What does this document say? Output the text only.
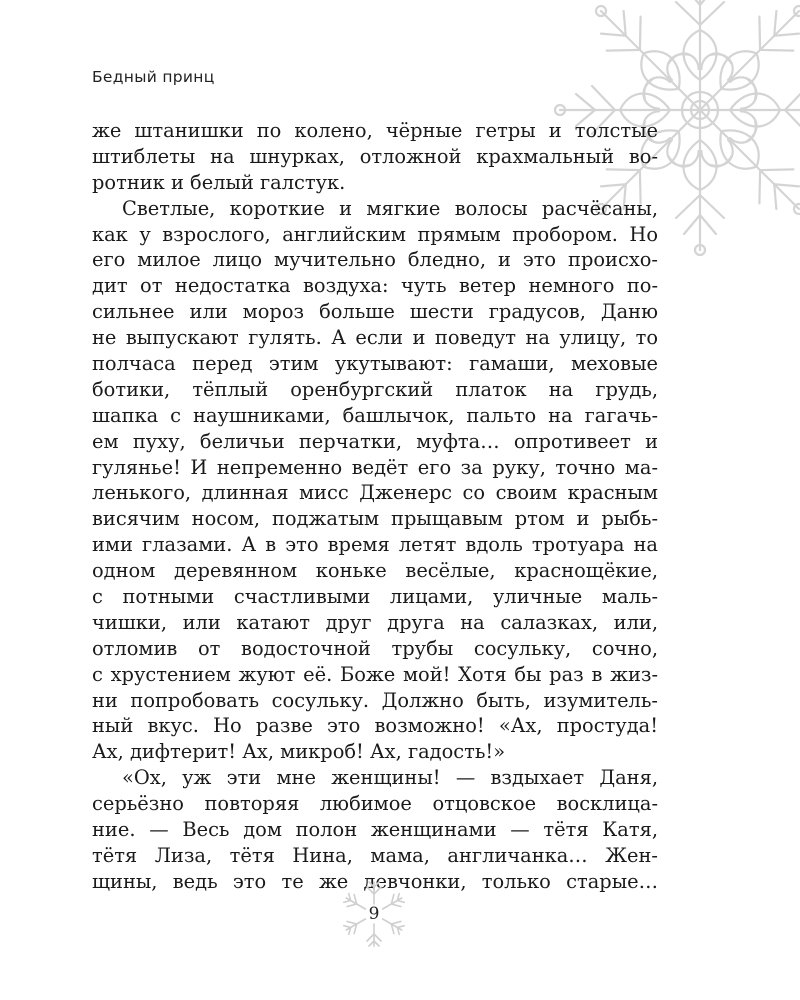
Бедный принц
же штанишки по колено, чёрные гетры и толстые
штиблеты на шнурках, отложной крахмальный во-
ротник и белый галстук.
Светлые, короткие и мягкие волосы расчёсаны,
как у взрослого, английским прямым пробором. Но
его милое лицо мучительно бледно, и это происхо-
дит от недостатка воздуха: чуть ветер немного по-
сильнее или мороз больше шести градусов, Даню
не выпускают гулять. А если и поведут на улицу, то
полчаса перед этим укутывают: гамаши, меховые
ботики, тёплый оренбургский платок на грудь,
шапка с наушниками, башлычок, пальто на гагачь-
ем пуху, беличьи перчатки, муфта… опротивеет и
гулянье! И непременно ведёт его за руку, точно ма-
ленького, длинная мисс Дженерс со своим красным
висячим носом, поджатым прыщавым ртом и рыбь-
ими глазами. А в это время летят вдоль тротуара на
одном деревянном коньке весёлые, краснощёкие,
с потными счастливыми лицами, уличные маль-
чишки, или катают друг друга на салазках, или,
отломив от водосточной трубы сосульку, сочно,
с хрустением жуют её. Боже мой! Хотя бы раз в жиз-
ни попробовать сосульку. Должно быть, изумитель-
ный вкус. Но разве это возможно! «Ах, простуда!
Ах, дифтерит! Ах, микроб! Ах, гадость!»
«Ох, уж эти мне женщины! — вздыхает Даня,
серьёзно повторяя любимое отцовское восклица-
ние. — Весь дом полон женщинами — тётя Катя,
тётя Лиза, тётя Нина, мама, англичанка… Жен-
щины, ведь это те же девчонки, только старые…
9
